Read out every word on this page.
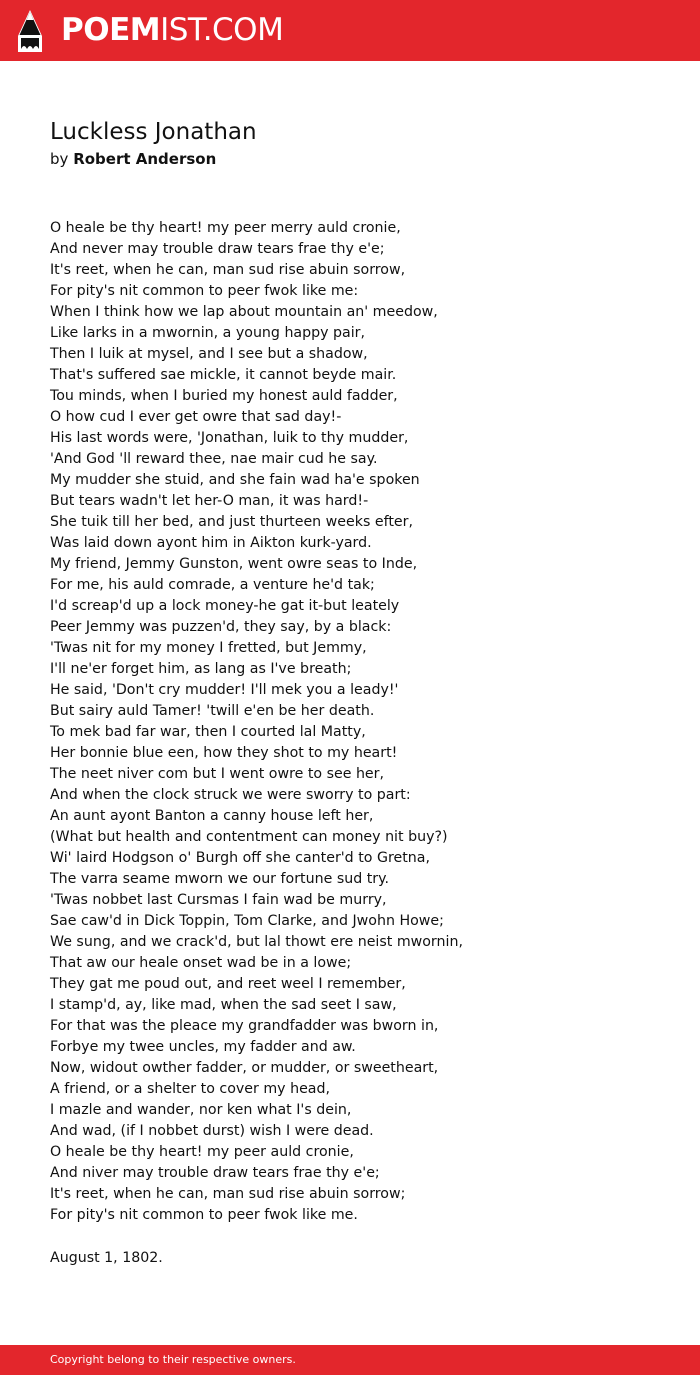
POEMIST.COM
Luckless Jonathan
by Robert Anderson
O heale be thy heart! my peer merry auld cronie,
And never may trouble draw tears frae thy e'e;
It's reet, when he can, man sud rise abuin sorrow,
For pity's nit common to peer fwok like me:
When I think how we lap about mountain an' meedow,
Like larks in a mwornin, a young happy pair,
Then I luik at mysel, and I see but a shadow,
That's suffered sae mickle, it cannot beyde mair.
Tou minds, when I buried my honest auld fadder,
O how cud I ever get owre that sad day!-
His last words were, 'Jonathan, luik to thy mudder,
'And God 'll reward thee, nae mair cud he say.
My mudder she stuid, and she fain wad ha'e spoken
But tears wadn't let her-O man, it was hard!-
She tuik till her bed, and just thurteen weeks efter,
Was laid down ayont him in Aikton kurk-yard.
My friend, Jemmy Gunston, went owre seas to Inde,
For me, his auld comrade, a venture he'd tak;
I'd screap'd up a lock money-he gat it-but leately
Peer Jemmy was puzzen'd, they say, by a black:
'Twas nit for my money I fretted, but Jemmy,
I'll ne'er forget him, as lang as I've breath;
He said, 'Don't cry mudder! I'll mek you a leady!'
But sairy auld Tamer! 'twill e'en be her death.
To mek bad far war, then I courted lal Matty,
Her bonnie blue een, how they shot to my heart!
The neet niver com but I went owre to see her,
And when the clock struck we were sworry to part:
An aunt ayont Banton a canny house left her,
(What but health and contentment can money nit buy?)
Wi' laird Hodgson o' Burgh off she canter'd to Gretna,
The varra seame mworn we our fortune sud try.
'Twas nobbet last Cursmas I fain wad be murry,
Sae caw'd in Dick Toppin, Tom Clarke, and Jwohn Howe;
We sung, and we crack'd, but lal thowt ere neist mwornin,
That aw our heale onset wad be in a lowe;
They gat me poud out, and reet weel I remember,
I stamp'd, ay, like mad, when the sad seet I saw,
For that was the pleace my grandfadder was bworn in,
Forbye my twee uncles, my fadder and aw.
Now, widout owther fadder, or mudder, or sweetheart,
A friend, or a shelter to cover my head,
I mazle and wander, nor ken what I's dein,
And wad, (if I nobbet durst) wish I were dead.
O heale be thy heart! my peer auld cronie,
And niver may trouble draw tears frae thy e'e;
It's reet, when he can, man sud rise abuin sorrow;
For pity's nit common to peer fwok like me.
August 1, 1802.
Copyright belong to their respective owners.
